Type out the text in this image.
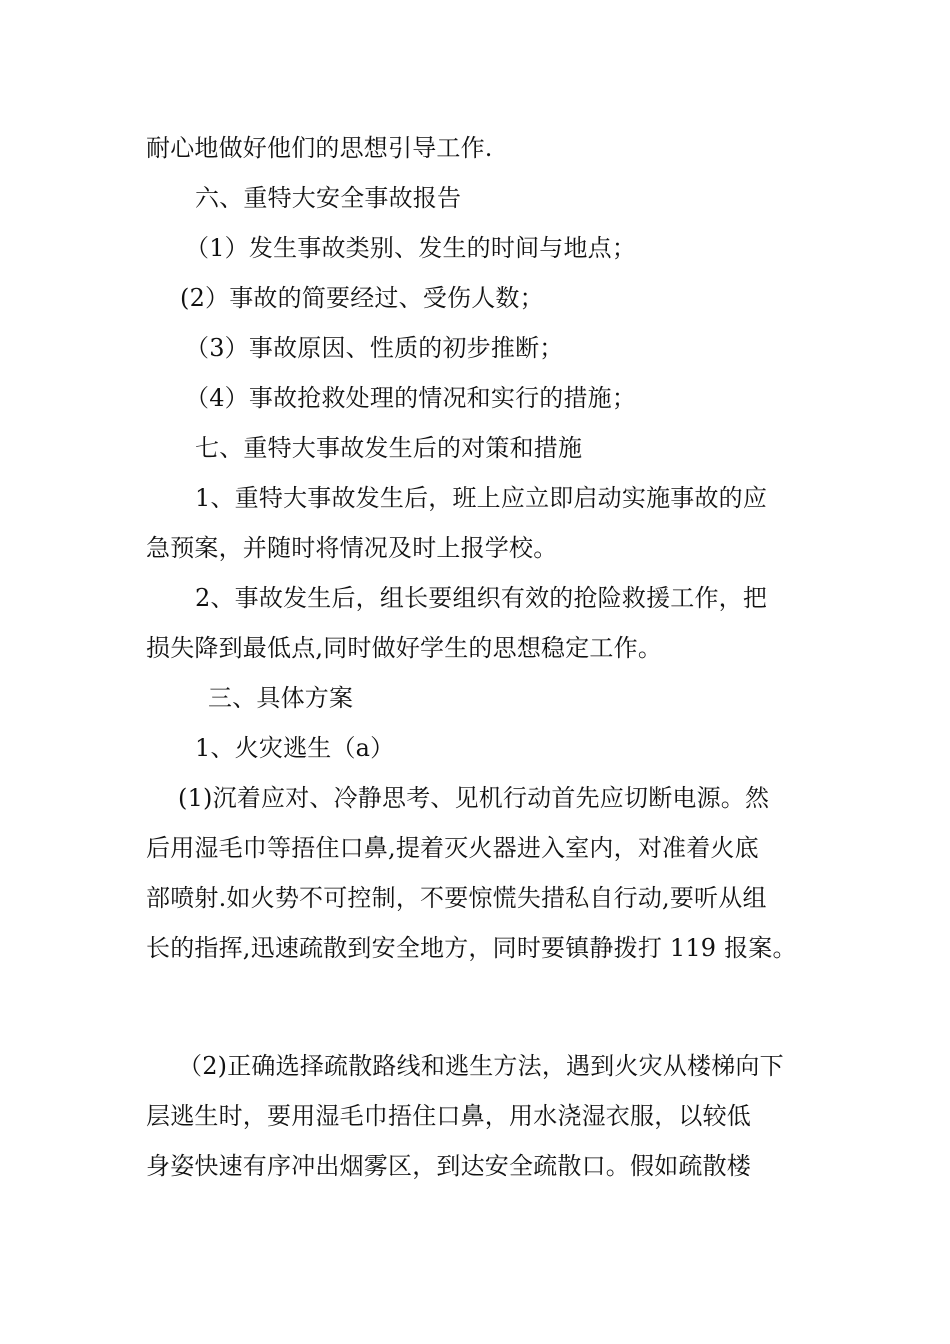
耐心地做好他们的思想引导工作.
六、重特大安全事故报告
（1）发生事故类别、发生的时间与地点；
(2）事故的简要经过、受伤人数；
（3）事故原因、性质的初步推断；
（4）事故抢救处理的情况和实行的措施；
七、重特大事故发生后的对策和措施
1、重特大事故发生后，班上应立即启动实施事故的应
急预案，并随时将情况及时上报学校。
2、事故发生后，组长要组织有效的抢险救援工作，把
损失降到最低点,同时做好学生的思想稳定工作。
三、具体方案
1、火灾逃生（a）
(1)沉着应对、冷静思考、见机行动首先应切断电源。然
后用湿毛巾等捂住口鼻,提着灭火器进入室内，对准着火底
部喷射.如火势不可控制，不要惊慌失措私自行动,要听从组
长的指挥,迅速疏散到安全地方，同时要镇静拨打 119 报案。
（2)正确选择疏散路线和逃生方法，遇到火灾从楼梯向下
层逃生时，要用湿毛巾捂住口鼻，用水浇湿衣服，以较低
身姿快速有序冲出烟雾区，到达安全疏散口。假如疏散楼
